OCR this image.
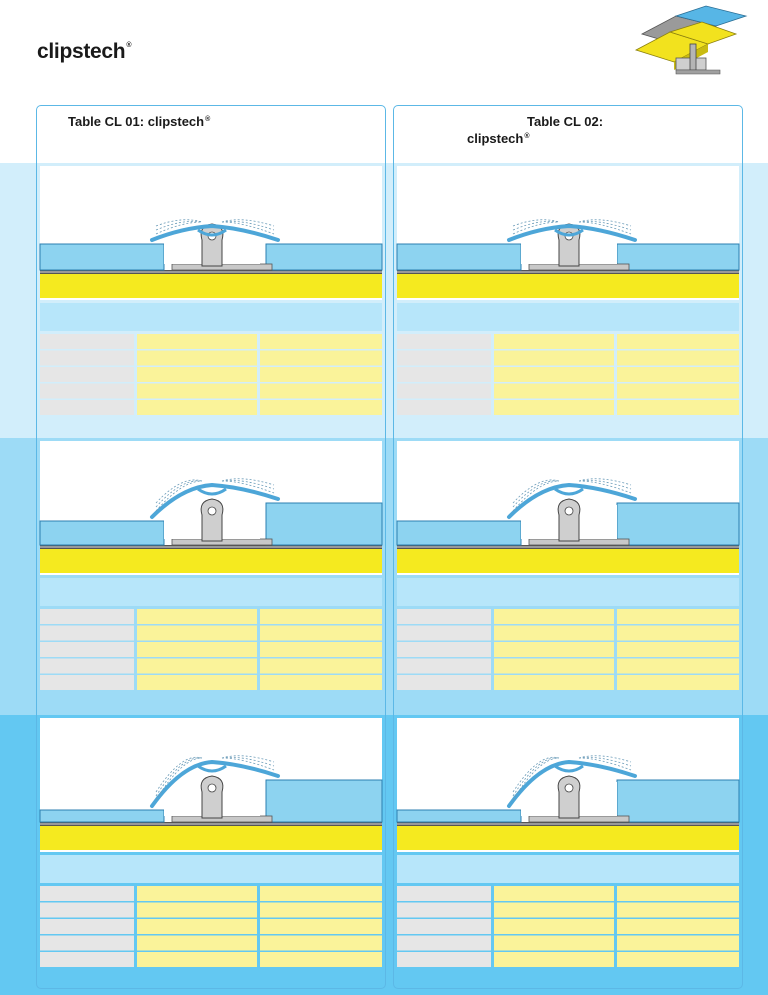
clipstech®
Table CL 01: clipstech®	Table CL 02:
clipstech®
